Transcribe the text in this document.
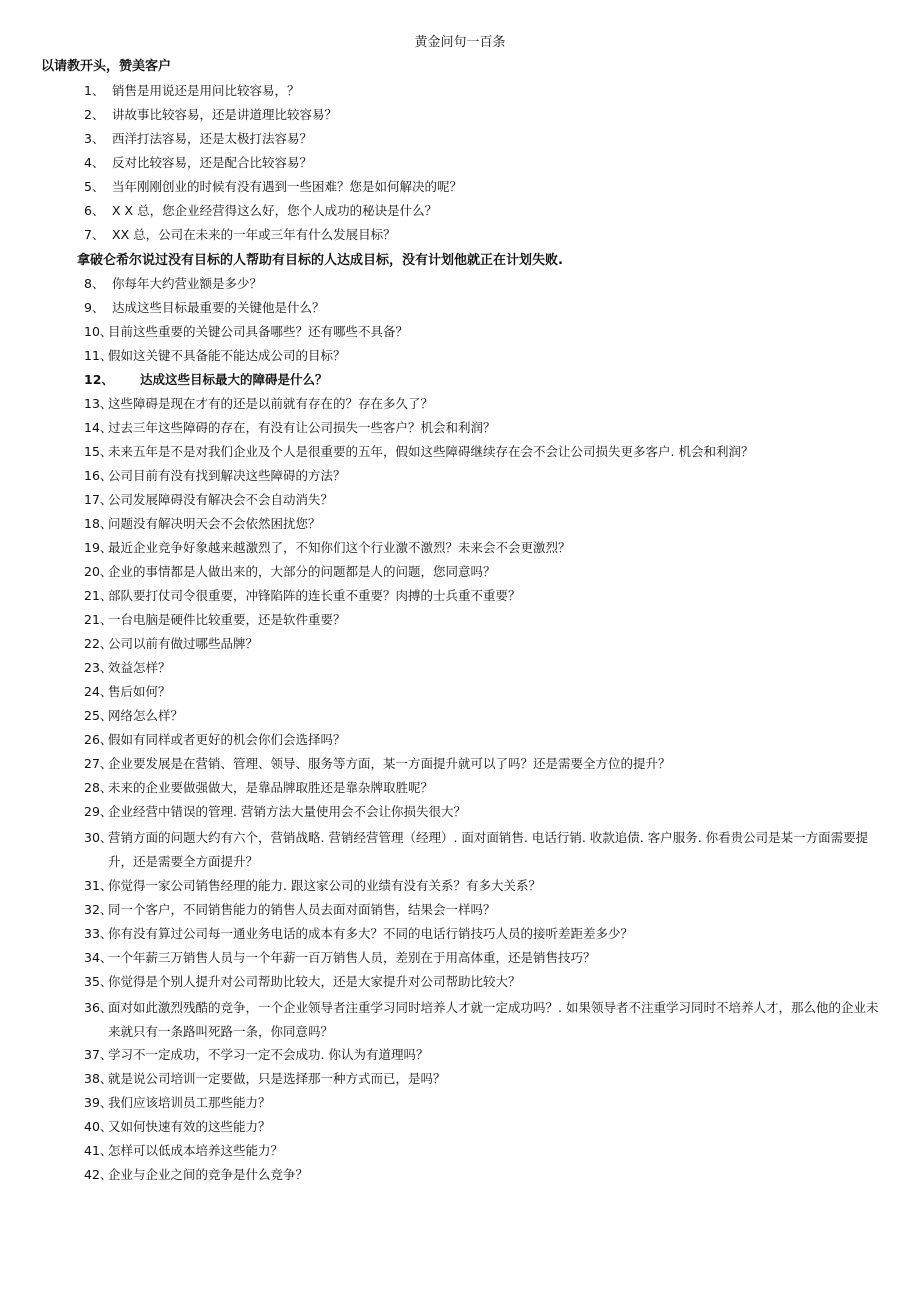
黄金问句一百条
以请教开头，赞美客户
拿破仑希尔说过没有目标的人帮助有目标的人达成目标，没有计划他就正在计划失败.
1、 销售是用说还是用问比较容易，？
2、 讲故事比较容易，还是讲道理比较容易？
3、 西洋打法容易，还是太极打法容易？
4、 反对比较容易，还是配合比较容易？
5、 当年刚刚创业的时候有没有遇到一些困难？您是如何解决的呢？
6、 X X 总，您企业经营得这么好，您个人成功的秘诀是什么？
7、 XX 总，公司在未来的一年或三年有什么发展目标？
8、 你每年大约营业额是多少？
9、 达成这些目标最重要的关键他是什么？
10、
目前这些重要的关键公司具备哪些？还有哪些不具备？
11、
假如这关键不具备能不能达成公司的目标？
12、 达成这些目标最大的障碍是什么？
13、
这些障碍是现在才有的还是以前就有存在的？存在多久了？
14、
过去三年这些障碍的存在，有没有让公司损失一些客户？机会和利润？
15、
未来五年是不是对我们企业及个人是很重要的五年，假如这些障碍继续存在会不会让公司损失更多客户. 机会和利润？
16、
公司目前有没有找到解决这些障碍的方法？
17、
公司发展障碍没有解决会不会自动消失？
18、
问题没有解决明天会不会依然困扰您？
19、
最近企业竞争好象越来越激烈了，不知你们这个行业激不激烈？未来会不会更激烈？
20、
企业的事情都是人做出来的，大部分的问题都是人的问题，您同意吗？
21、
部队要打仗司令很重要，冲锋陷阵的连长重不重要？肉搏的士兵重不重要？
21、
一台电脑是硬件比较重要，还是软件重要？
22、
公司以前有做过哪些品牌？
23、
效益怎样？
24、
售后如何？
25、
网络怎么样？
26、
假如有同样或者更好的机会你们会选择吗？
27、
企业要发展是在营销、管理、领导、服务等方面，某一方面提升就可以了吗？还是需要全方位的提升？
28、
未来的企业要做强做大，是靠品牌取胜还是靠杂牌取胜呢？
29、
企业经营中错误的管理. 营销方法大量使用会不会让你损失很大？
30、
营销方面的问题大约有六个，营销战略. 营销经营管理（经理）. 面对面销售. 电话行销. 收款追债. 客户服务. 你看贵公司是某一方面需要提升，还是需要全方面提升？
31、
你觉得一家公司销售经理的能力. 跟这家公司的业绩有没有关系？有多大关系？
32、
同一个客户，不同销售能力的销售人员去面对面销售，结果会一样吗？
33、
你有没有算过公司每一通业务电话的成本有多大？不同的电话行销技巧人员的接听差距差多少？
34、
一个年薪三万销售人员与一个年薪一百万销售人员，差别在于用高体重，还是销售技巧？
35、
你觉得是个别人提升对公司帮助比较大，还是大家提升对公司帮助比较大？
36、
面对如此激烈残酷的竞争，一个企业领导者注重学习同时培养人才就一定成功吗？. 如果领导者不注重学习同时不培养人才，那么他的企业未来就只有一条路叫死路一条，你同意吗？
37、
学习不一定成功，不学习一定不会成功. 你认为有道理吗？
38、
就是说公司培训一定要做，只是选择那一种方式而已，是吗？
39、
我们应该培训员工那些能力？
40、
又如何快速有效的这些能力？
41、
怎样可以低成本培养这些能力？
42、
企业与企业之间的竞争是什么竞争？
